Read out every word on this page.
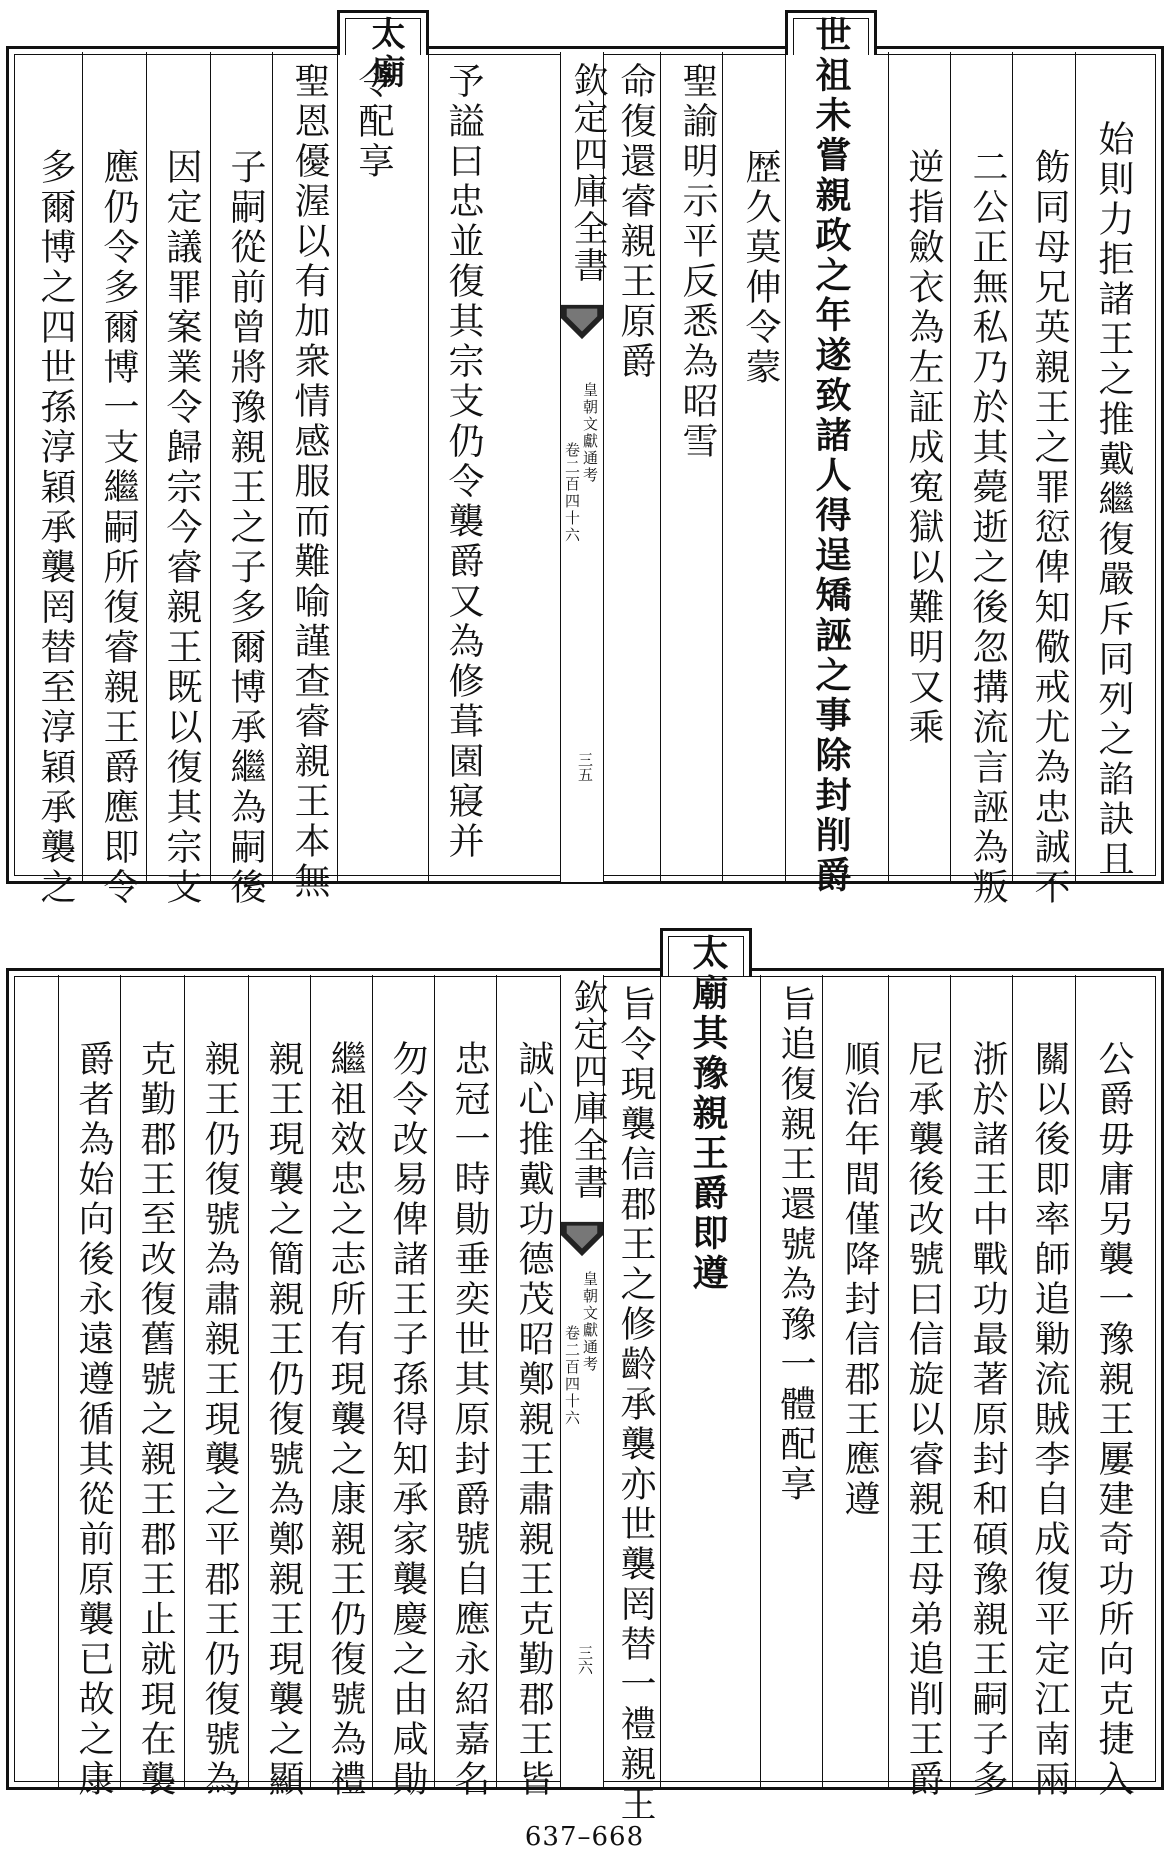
太廟	世祖未嘗親政之年遂致諸人得逞矯誣之事除封削爵	始則力拒諸王之推戴繼復嚴斥同列之諂訣且
飭同母兄英親王之罪愆俾知儆戒尤為忠誠不
二公正無私乃於其薨逝之後忽搆流言誣為叛
逆指斂衣為左証成寃獄以難明又乘
歴久莫伸令蒙
聖諭明示平反悉為昭雪
命復還睿親王原爵
予謚曰忠並復其宗支仍令襲爵又為修葺園寢并
令配享
聖恩優渥以有加衆情感服而難喻謹查睿親王本無
子嗣從前曾將豫親王之子多爾博承繼為嗣後
因定議罪案業令歸宗今睿親王既以復其宗支
應仍令多爾博一支繼嗣所復睿親王爵應即令
多爾博之四世孫淳穎承襲罔替至淳穎承襲之	欽定四庫全書
皇朝文獻通考
卷二百四十六
三五
太廟其豫親王爵即遵	公爵毋庸另襲一豫親王屢建奇功所向克捷入
關以後即率師追勦流賊李自成復平定江南兩
浙於諸王中戰功最著原封和碩豫親王嗣子多
尼承襲後改號曰信旋以睿親王母弟追削王爵
順治年間僅降封信郡王應遵
旨追復親王還號為豫一體配享
旨令現襲信郡王之修齡承襲亦世襲罔替一禮親王
誠心推戴功德茂昭鄭親王肅親王克勤郡王皆
忠冠一時勛垂奕世其原封爵號自應永紹嘉名
勿令改易俾諸王子孫得知承家襲慶之由咸勛
繼祖效忠之志所有現襲之康親王仍復號為禮
親王現襲之簡親王仍復號為鄭親王現襲之顯
親王仍復號為肅親王現襲之平郡王仍復號為
克勤郡王至改復舊號之親王郡王止就現在襲
爵者為始向後永遠遵循其從前原襲已故之康	欽定四庫全書
皇朝文獻通考
卷二百四十六
三六
637–668
